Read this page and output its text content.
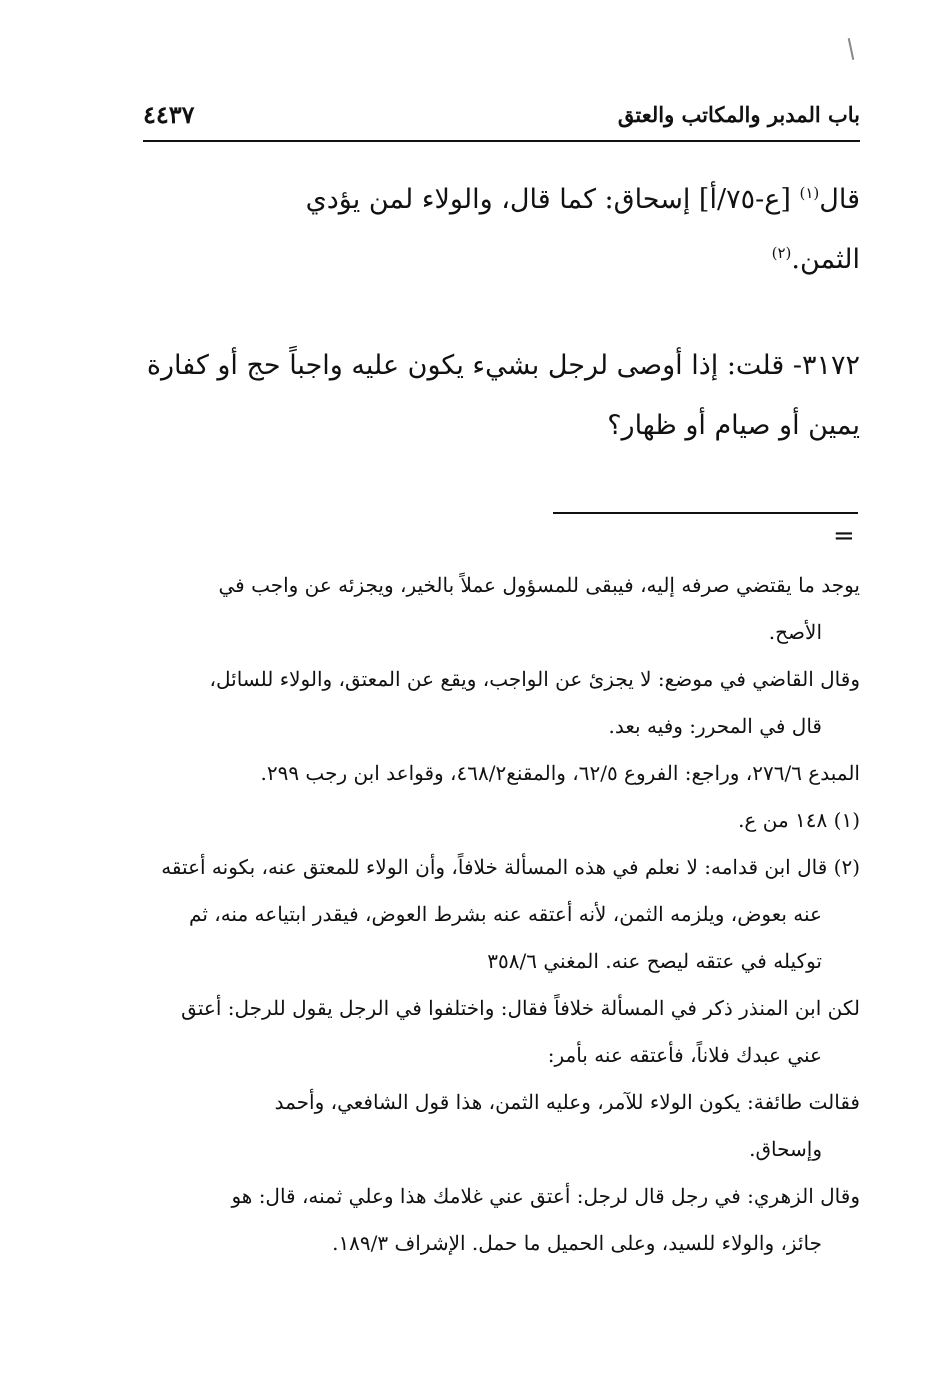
باب المدبر والمكاتب والعتق
٤٤٣٧
قال$^{(١)}$ [ع-٧٥/أ] إسحاق: كما قال، والولاء لمن يؤدي
الثمن.$^{(٢)}$
٣١٧٢- قلت: إذا أوصى لرجل بشيء يكون عليه واجباً حج أو كفارة
يمين أو صيام أو ظهار؟
=
يوجد ما يقتضي صرفه إليه، فيبقى للمسؤول عملاً بالخير، ويجزئه عن واجب في
الأصح.
وقال القاضي في موضع: لا يجزئ عن الواجب، ويقع عن المعتق، والولاء للسائل،
قال في المحرر: وفيه بعد.
المبدع ٢٧٦/٦، وراجع: الفروع ٦٢/٥، والمقنع٤٦٨/٢، وقواعد ابن رجب ٢٩٩.
(١) ١٤٨ من ع.
(٢) قال ابن قدامه: لا نعلم في هذه المسألة خلافاً، وأن الولاء للمعتق عنه، بكونه أعتقه
عنه بعوض، ويلزمه الثمن، لأنه أعتقه عنه بشرط العوض، فيقدر ابتياعه منه، ثم
توكيله في عتقه ليصح عنه. المغني ٣٥٨/٦
لكن ابن المنذر ذكر في المسألة خلافاً فقال: واختلفوا في الرجل يقول للرجل: أعتق
عني عبدك فلاناً، فأعتقه عنه بأمر:
فقالت طائفة: يكون الولاء للآمر، وعليه الثمن، هذا قول الشافعي، وأحمد
وإسحاق.
وقال الزهري: في رجل قال لرجل: أعتق عني غلامك هذا وعلي ثمنه، قال: هو
جائز، والولاء للسيد، وعلى الحميل ما حمل. الإشراف ١٨٩/٣.
